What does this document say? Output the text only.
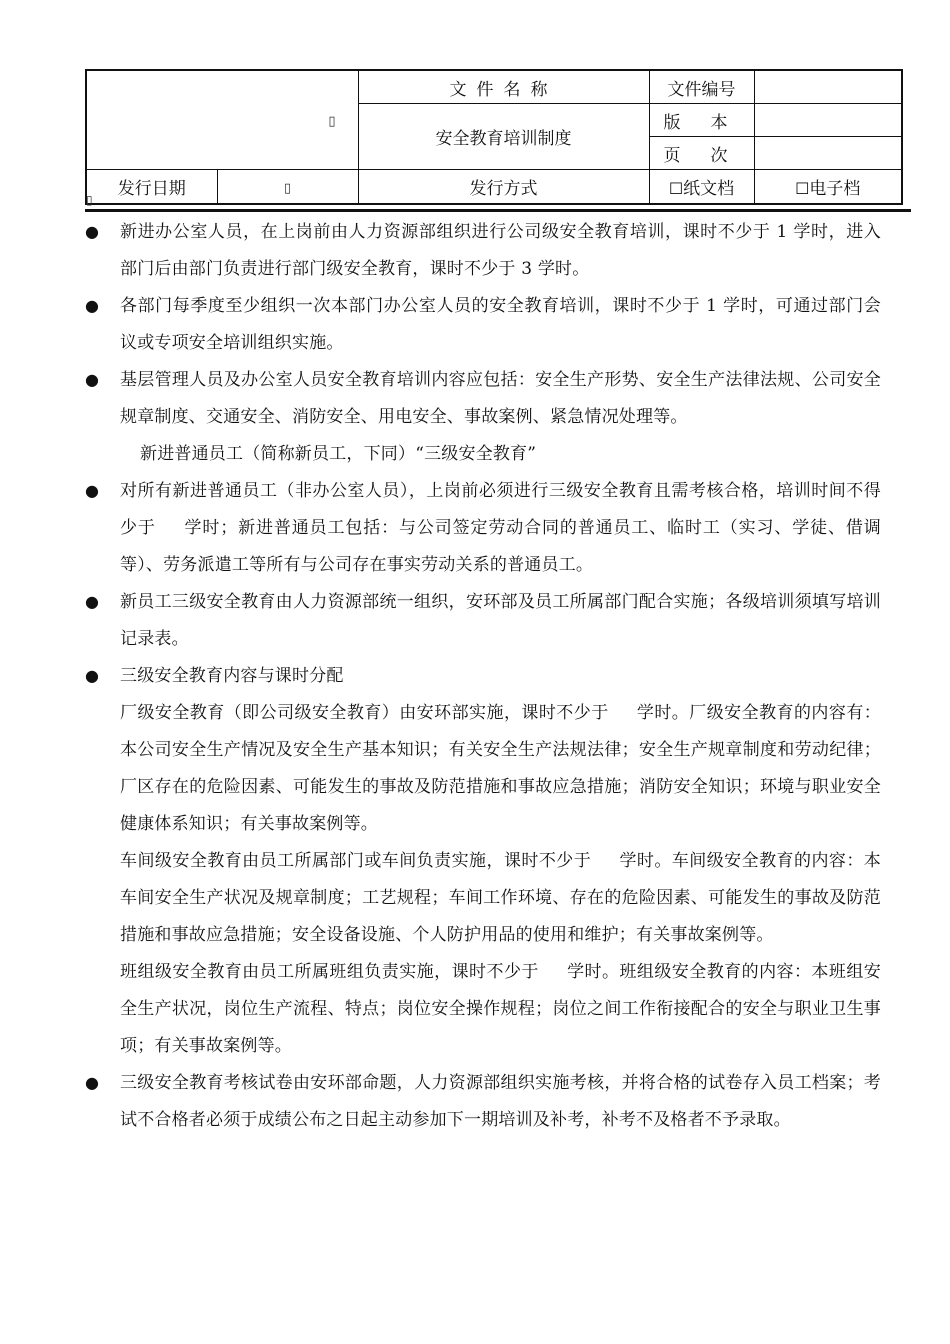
▯		文件名称	文件编号	
		安全教育培训制度	版本	
			页次	
发行日期	▯	发行方式	☐纸文档	☐电子档
▯
● 新进办公室人员，在上岗前由人力资源部组织进行公司级安全教育培训，课时不少于 1 学时，进入部门后由部门负责进行部门级安全教育，课时不少于 3 学时。
● 各部门每季度至少组织一次本部门办公室人员的安全教育培训，课时不少于 1 学时，可通过部门会议或专项安全培训组织实施。
● 基层管理人员及办公室人员安全教育培训内容应包括：安全生产形势、安全生产法律法规、公司安全规章制度、交通安全、消防安全、用电安全、事故案例、紧急情况处理等。
新进普通员工（简称新员工，下同）“三级安全教育”
● 对所有新进普通员工（非办公室人员），上岗前必须进行三级安全教育且需考核合格，培训时间不得少于 学时；新进普通员工包括：与公司签定劳动合同的普通员工、临时工（实习、学徒、借调等）、劳务派遣工等所有与公司存在事实劳动关系的普通员工。
● 新员工三级安全教育由人力资源部统一组织，安环部及员工所属部门配合实施；各级培训须填写培训记录表。
● 三级安全教育内容与课时分配
厂级安全教育（即公司级安全教育）由安环部实施，课时不少于 学时。厂级安全教育的内容有：本公司安全生产情况及安全生产基本知识；有关安全生产法规法律；安全生产规章制度和劳动纪律；厂区存在的危险因素、可能发生的事故及防范措施和事故应急措施；消防安全知识；环境与职业安全健康体系知识；有关事故案例等。
车间级安全教育由员工所属部门或车间负责实施，课时不少于 学时。车间级安全教育的内容：本车间安全生产状况及规章制度；工艺规程；车间工作环境、存在的危险因素、可能发生的事故及防范措施和事故应急措施；安全设备设施、个人防护用品的使用和维护；有关事故案例等。
班组级安全教育由员工所属班组负责实施，课时不少于 学时。班组级安全教育的内容：本班组安全生产状况，岗位生产流程、特点；岗位安全操作规程；岗位之间工作衔接配合的安全与职业卫生事项；有关事故案例等。
● 三级安全教育考核试卷由安环部命题，人力资源部组织实施考核，并将合格的试卷存入员工档案；考试不合格者必须于成绩公布之日起主动参加下一期培训及补考，补考不及格者不予录取。
